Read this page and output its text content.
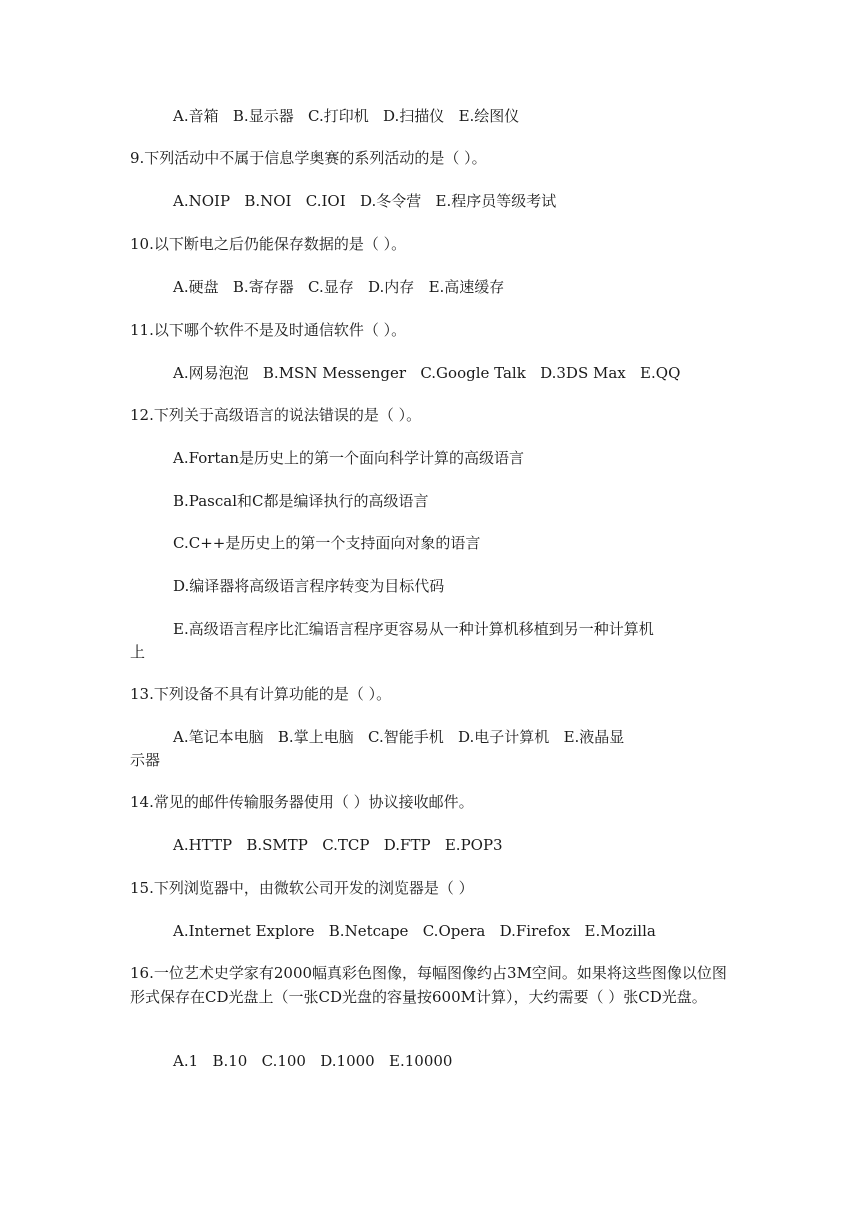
A.音箱   B.显示器   C.打印机   D.扫描仪   E.绘图仪
9.下列活动中不属于信息学奥赛的系列活动的是（ ）。
A.NOIP   B.NOI   C.IOI   D.冬令营   E.程序员等级考试
10.以下断电之后仍能保存数据的是（ ）。
A.硬盘   B.寄存器   C.显存   D.内存   E.高速缓存
11.以下哪个软件不是及时通信软件（ ）。
A.网易泡泡   B.MSN Messenger   C.Google Talk   D.3DS Max   E.QQ
12.下列关于高级语言的说法错误的是（ ）。
A.Fortan是历史上的第一个面向科学计算的高级语言
B.Pascal和C都是编译执行的高级语言
C.C++是历史上的第一个支持面向对象的语言
D.编译器将高级语言程序转变为目标代码
E.高级语言程序比汇编语言程序更容易从一种计算机移植到另一种计算机
上
13.下列设备不具有计算功能的是（ ）。
A.笔记本电脑   B.掌上电脑   C.智能手机   D.电子计算机   E.液晶显
示器
14.常见的邮件传输服务器使用（ ）协议接收邮件。
A.HTTP   B.SMTP   C.TCP   D.FTP   E.POP3
15.下列浏览器中，由微软公司开发的浏览器是（ ）
A.Internet Explore   B.Netcape   C.Opera   D.Firefox   E.Mozilla
16.一位艺术史学家有2000幅真彩色图像，每幅图像约占3M空间。如果将这些图像以位图形式保存在CD光盘上（一张CD光盘的容量按600M计算），大约需要（ ）张CD光盘。
A.1   B.10   C.100   D.1000   E.10000
